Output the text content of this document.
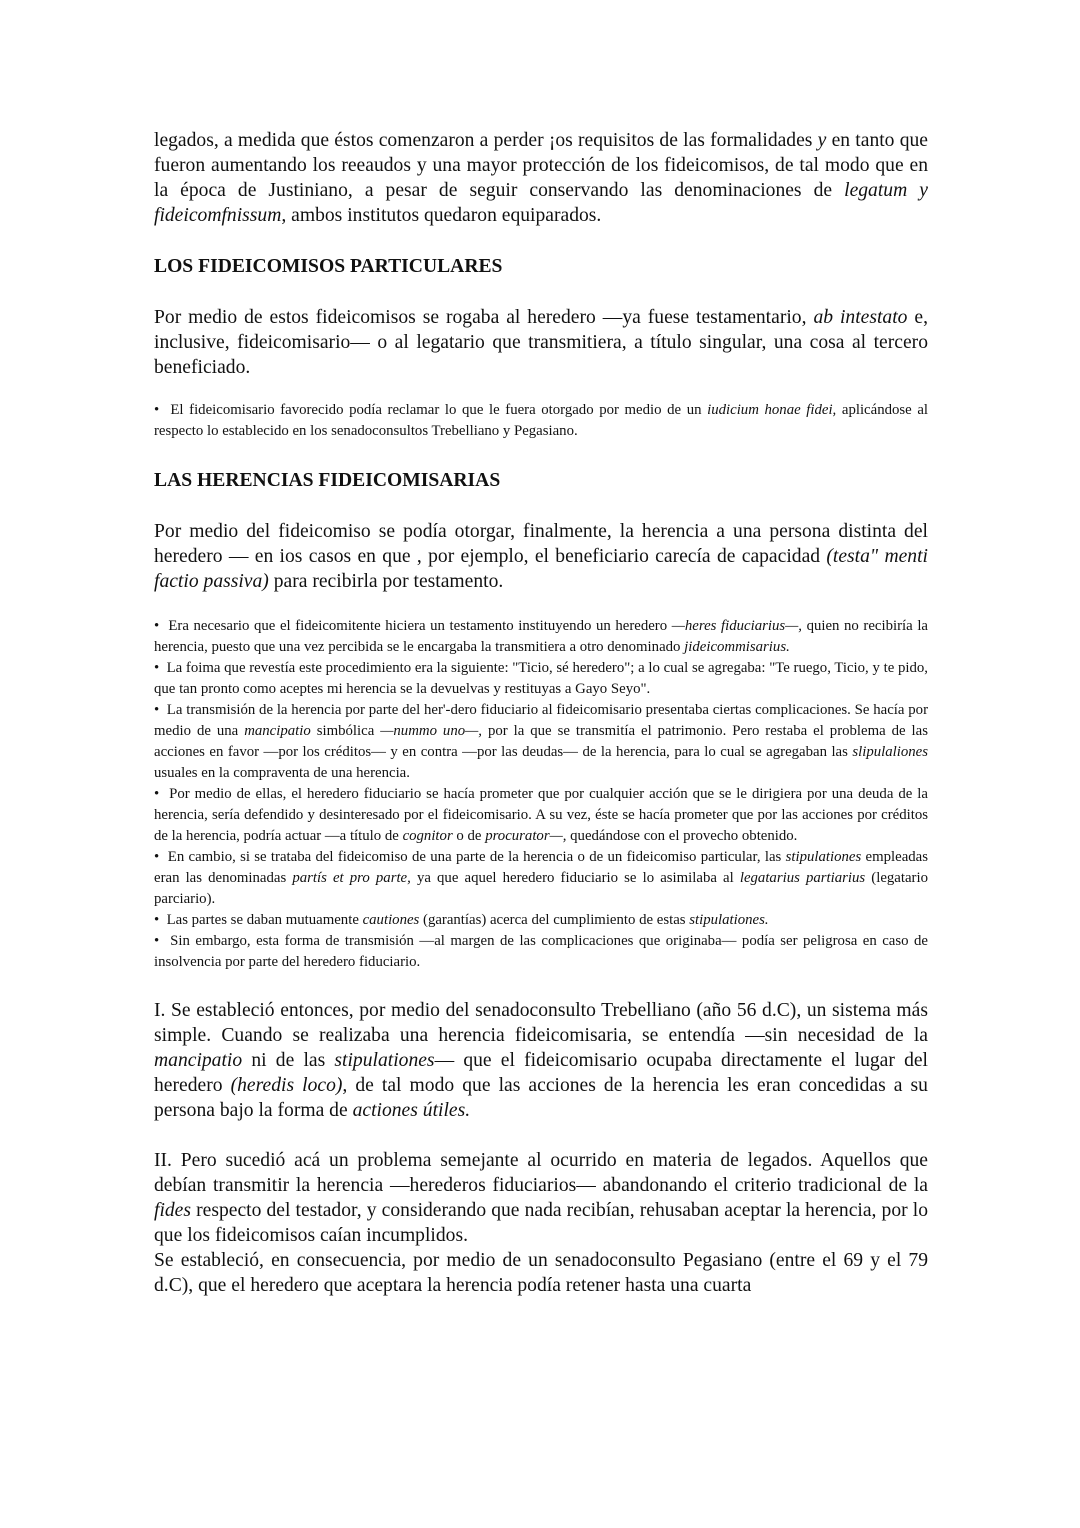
legados, a medida que éstos comenzaron a perder ¡os requisitos de las formalidades y en tanto que fueron aumentando los reeaudos y una mayor protección de los fideicomisos, de tal modo que en la época de Justiniano, a pesar de seguir conservando las denominaciones de legatum y fideicomfnissum, ambos institutos quedaron equiparados.

LOS FIDEICOMISOS PARTICULARES

Por medio de estos fideicomisos se rogaba al heredero —ya fuese testamentario, ab intestato e, inclusive, fideicomisario— o al legatario que transmitiera, a título singular, una cosa al tercero beneficiado.

•  El fideicomisario favorecido podía reclamar lo que le fuera otorgado por medio de un iudicium honae fidei, aplicándose al respecto lo establecido en los senadoconsultos Trebelliano y Pegasiano.

LAS HERENCIAS FIDEICOMISARIAS

Por medio del fideicomiso se podía otorgar, finalmente, la herencia a una persona distinta del heredero — en ios casos en que , por ejemplo, el beneficiario carecía de capacidad (testa" menti factio passiva) para recibirla por testamento.

•  Era necesario que el fideicomitente hiciera un testamento instituyendo un heredero —heres fiduciarius—, quien no recibiría la herencia, puesto que una vez percibida se le encargaba la transmitiera a otro denominado jideicommisarius.

•  La foima que revestía este procedimiento era la siguiente: "Ticio, sé heredero"; a lo cual se agregaba: "Te ruego, Ticio, y te pido, que tan pronto como aceptes mi herencia se la devuelvas y restituyas a Gayo Seyo".

•  La transmisión de la herencia por parte del her'-dero fiduciario al fideicomisario presentaba ciertas complicaciones. Se hacía por medio de una mancipatio simbólica —nummo uno—, por la que se transmitía el patrimonio. Pero restaba el problema de las acciones en favor —por los créditos— y en contra —por las deudas— de la herencia, para lo cual se agregaban las slipulaliones usuales en la compraventa de una herencia.

•  Por medio de ellas, el heredero fiduciario se hacía prometer que por cualquier acción que se le dirigiera por una deuda de la herencia, sería defendido y desinteresado por el fideicomisario. A su vez, éste se hacía prometer que por las acciones por créditos de la herencia, podría actuar —a título de cognitor o de procurator—, quedándose con el provecho obtenido.

•  En cambio, si se trataba del fideicomiso de una parte de la herencia o de un fideicomiso particular, las stipulationes empleadas eran las denominadas partís et pro parte, ya que aquel heredero fiduciario se lo asimilaba al legatarius partiarius (legatario parciario).

•  Las partes se daban mutuamente cautiones (garantías) acerca del cumplimiento de estas stipulationes.

•  Sin embargo, esta forma de transmisión —al margen de las complicaciones que originaba— podía ser peligrosa en caso de insolvencia por parte del heredero fiduciario.

I. Se estableció entonces, por medio del senadoconsulto Trebelliano (año 56 d.C), un sistema más simple. Cuando se realizaba una herencia fideicomisaria, se entendía —sin necesidad de la mancipatio ni de las stipulationes— que el fideicomisario ocupaba directamente el lugar del heredero (heredis loco), de tal modo que las acciones de la herencia les eran concedidas a su persona bajo la forma de actiones útiles.

II. Pero sucedió acá un problema semejante al ocurrido en materia de legados. Aquellos que debían transmitir la herencia —herederos fiduciarios— abandonando el criterio tradicional de la fides respecto del testador, y considerando que nada recibían, rehusaban aceptar la herencia, por lo que los fideicomisos caían incumplidos.

Se estableció, en consecuencia, por medio de un senadoconsulto Pegasiano (entre el 69 y el 79 d.C), que el heredero que aceptara la herencia podía retener hasta una cuarta
